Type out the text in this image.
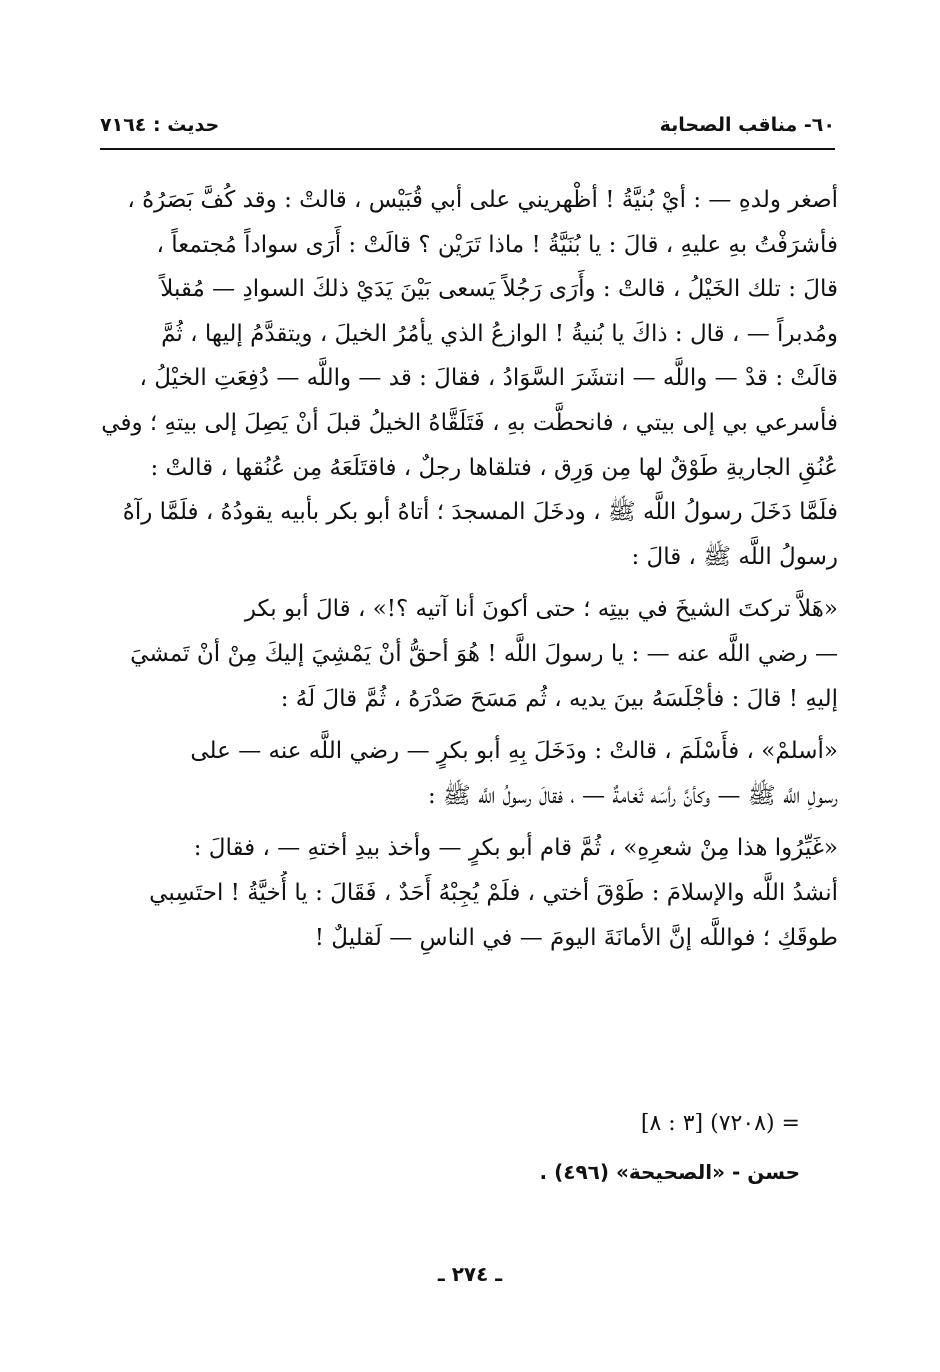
٦٠- مناقب الصحابة
حديث : ٧١٦٤
أصغر ولدهِ — : أيْ بُنيَّةُ ! أظْهريني على أبي قُبَيْس ، قالتْ : وقد كُفَّ بَصَرُهُ ،
فأشرَفْتُ بهِ عليهِ ، قالَ : يا بُنَيَّةُ ! ماذا تَرَيْن ؟ قالَتْ : أَرَى سواداً مُجتمعاً ،
قالَ : تلك الخَيْلُ ، قالتْ : وأَرَى رَجُلاً يَسعى بَيْنَ يَدَيْ ذلكَ السوادِ — مُقبلاً
ومُدبراً — ، قال : ذاكَ يا بُنيةُ ! الوازعُ الذي يأمُرُ الخيلَ ، ويتقدَّمُ إليها ، ثُمَّ
قالَتْ : قدْ — واللَّه — انتشَرَ السَّوَادُ ، فقالَ : قد — واللَّه — دُفِعَتِ الخيْلُ ،
فأسرعي بي إلى بيتي ، فانحطَّت بهِ ، فَتَلَقَّاهُ الخيلُ قبلَ أنْ يَصِلَ إلى بيتهِ ؛ وفي
عُنُقِ الجاريةِ طَوْقٌ لها مِن وَرِق ، فتلقاها رجلٌ ، فاقتَلَعَهُ مِن عُنُقها ، قالتْ :
فلَمَّا دَخَلَ رسولُ اللَّه ﷺ ، ودخَلَ المسجدَ ؛ أتاهُ أبو بكر بأبيه يقودُهُ ، فلَمَّا رآهُ
رسولُ اللَّه ﷺ ، قالَ :
«هَلاَّ تركتَ الشيخَ في بيتِه ؛ حتى أكونَ أنا آتيه ؟!» ، قالَ أبو بكر
— رضي اللَّه عنه — : يا رسولَ اللَّه ! هُوَ أحقُّ أنْ يَمْشِيَ إليكَ مِنْ أنْ تَمشيَ
إليهِ ! قالَ : فأجْلَسَهُ بينَ يديه ، ثُم مَسَحَ صَدْرَهُ ، ثُمَّ قالَ لَهُ :
«أسلمْ» ، فأَسْلَمَ ، قالتْ : ودَخَلَ بِهِ أبو بكرٍ — رضي اللَّه عنه — على
رسولِ اللَّه ﷺ — وكأنَّ رأسَه ثَغامةٌ — ، فقالَ رسولُ اللَّه ﷺ :
«غَيِّرُوا هذا مِنْ شعرِهِ» ، ثُمَّ قام أبو بكرٍ — وأخذ بيدِ أختهِ — ، فقالَ :
أنشدُ اللَّه والإسلامَ : طَوْقَ أختي ، فلَمْ يُجِبْهُ أَحَدٌ ، فَقَالَ : يا أُخيَّةُ ! احتَسِبي
طوقَكِ ؛ فواللَّه إنَّ الأمانَةَ اليومَ — في الناسِ — لَقليلٌ !
= (٧٢٠٨) [٣ : ٨]
حسن - «الصحيحة» (٤٩٦) .
ـ ٢٧٤ ـ
